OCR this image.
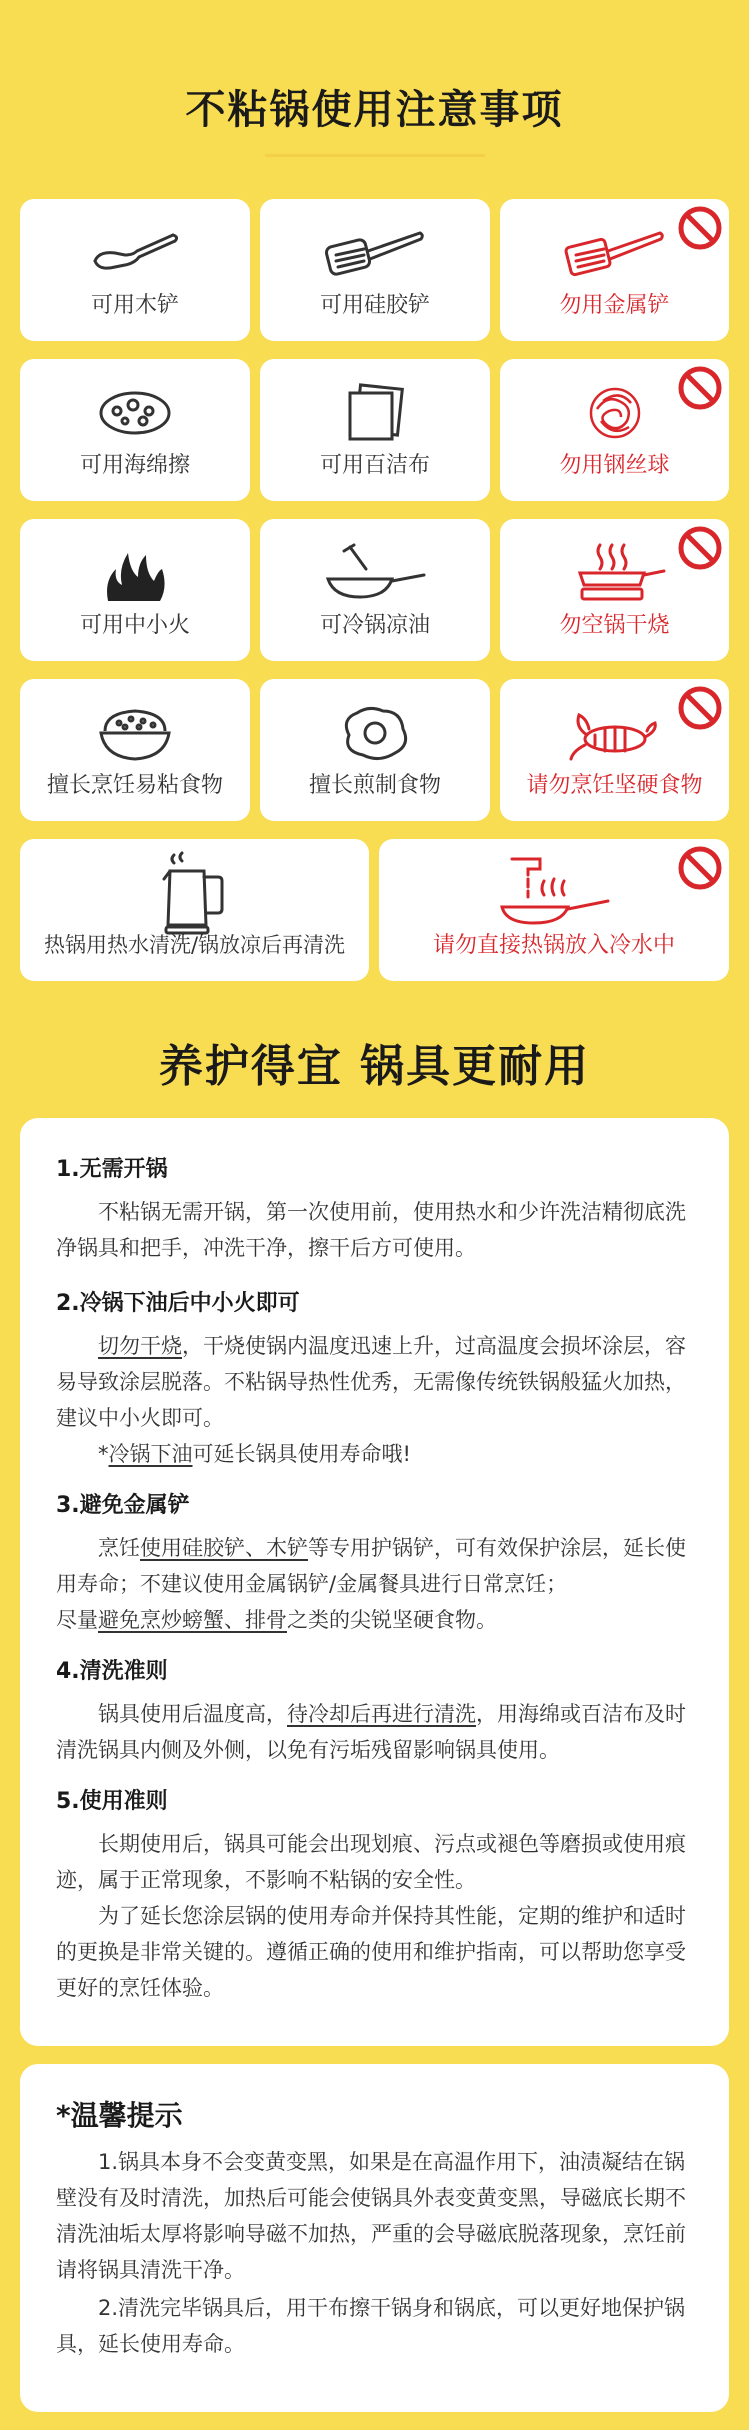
不粘锅使用注意事项
可用木铲	可用硅胶铲	勿用金属铲
可用海绵擦	可用百洁布	勿用钢丝球
可用中小火	可冷锅凉油	勿空锅干烧
擅长烹饪易粘食物	擅长煎制食物	请勿烹饪坚硬食物
热锅用热水清洗/锅放凉后再清洗	请勿直接热锅放入冷水中
养护得宜 锅具更耐用
1.无需开锅
不粘锅无需开锅，第一次使用前，使用热水和少许洗洁精彻底洗净锅具和把手，冲洗干净，擦干后方可使用。
2.冷锅下油后中小火即可
切勿干烧，干烧使锅内温度迅速上升，过高温度会损坏涂层，容易导致涂层脱落。不粘锅导热性优秀，无需像传统铁锅般猛火加热，建议中小火即可。
*冷锅下油可延长锅具使用寿命哦!
3.避免金属铲
烹饪使用硅胶铲、木铲等专用护锅铲，可有效保护涂层，延长使用寿命；不建议使用金属锅铲/金属餐具进行日常烹饪；
尽量避免烹炒螃蟹、排骨之类的尖锐坚硬食物。
4.清洗准则
锅具使用后温度高，待冷却后再进行清洗，用海绵或百洁布及时清洗锅具内侧及外侧，以免有污垢残留影响锅具使用。
5.使用准则
长期使用后，锅具可能会出现划痕、污点或褪色等磨损或使用痕迹，属于正常现象，不影响不粘锅的安全性。
为了延长您涂层锅的使用寿命并保持其性能，定期的维护和适时的更换是非常关键的。遵循正确的使用和维护指南，可以帮助您享受更好的烹饪体验。
*温馨提示
1.锅具本身不会变黄变黑，如果是在高温作用下，油渍凝结在锅壁没有及时清洗，加热后可能会使锅具外表变黄变黑，导磁底长期不清洗油垢太厚将影响导磁不加热，严重的会导磁底脱落现象，烹饪前请将锅具清洗干净。
2.清洗完毕锅具后，用干布擦干锅身和锅底，可以更好地保护锅具，延长使用寿命。
